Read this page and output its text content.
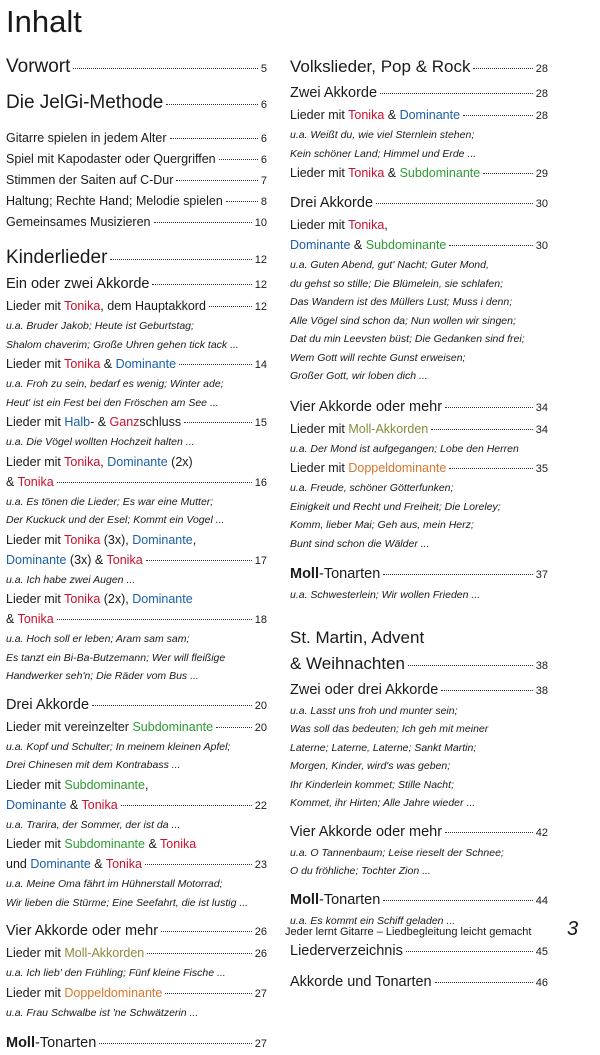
Inhalt
Vorwort	5
Die JelGi-Methode	6
Gitarre spielen in jedem Alter	6
Spiel mit Kapodaster oder Quergriffen	6
Stimmen der Saiten auf C-Dur	7
Haltung; Rechte Hand; Melodie spielen	8
Gemeinsames Musizieren	10
Kinderlieder	12
Ein oder zwei Akkorde	12
Lieder mit Tonika, dem Hauptakkord	12
u.a. Bruder Jakob; Heute ist Geburtstag;
Shalom chaverim; Große Uhren gehen tick tack ...
Lieder mit Tonika & Dominante	14
u.a. Froh zu sein, bedarf es wenig; Winter ade;
Heut' ist ein Fest bei den Fröschen am See ...
Lieder mit Halb- & Ganzschluss	15
u.a. Die Vögel wollten Hochzeit halten ...
Lieder mit Tonika, Dominante (2x)
& Tonika	16
u.a. Es tönen die Lieder; Es war eine Mutter;
Der Kuckuck und der Esel; Kommt ein Vogel ...
Lieder mit Tonika (3x), Dominante,
Dominante (3x) & Tonika	17
u.a. Ich habe zwei Augen ...
Lieder mit Tonika (2x), Dominante
& Tonika	18
u.a. Hoch soll er leben; Aram sam sam;
Es tanzt ein Bi-Ba-Butzemann; Wer will fleißige
Handwerker seh'n; Die Räder vom Bus ...
Drei Akkorde	20
Lieder mit vereinzelter Subdominante	20
u.a. Kopf und Schulter; In meinem kleinen Apfel;
Drei Chinesen mit dem Kontrabass ...
Lieder mit Subdominante,
Dominante & Tonika	22
u.a. Trarira, der Sommer, der ist da ...
Lieder mit Subdominante & Tonika
und Dominante & Tonika	23
u.a. Meine Oma fährt im Hühnerstall Motorrad;
Wir lieben die Stürme; Eine Seefahrt, die ist lustig ...
Vier Akkorde oder mehr	26
Lieder mit Moll-Akkorden	26
u.a. Ich lieb' den Frühling; Fünf kleine Fische ...
Lieder mit Doppeldominante	27
u.a. Frau Schwalbe ist 'ne Schwätzerin ...
Moll-Tonarten	27
Volkslieder, Pop & Rock	28
Zwei Akkorde	28
Lieder mit Tonika & Dominante	28
u.a. Weißt du, wie viel Sternlein stehen;
Kein schöner Land; Himmel und Erde ...
Lieder mit Tonika & Subdominante	29
Drei Akkorde	30
Lieder mit Tonika,
Dominante & Subdominante	30
u.a. Guten Abend, gut' Nacht; Guter Mond,
du gehst so stille; Die Blümelein, sie schlafen;
Das Wandern ist des Müllers Lust; Muss i denn;
Alle Vögel sind schon da; Nun wollen wir singen;
Dat du min Leevsten büst; Die Gedanken sind frei;
Wem Gott will rechte Gunst erweisen;
Großer Gott, wir loben dich ...
Vier Akkorde oder mehr	34
Lieder mit Moll-Akkorden	34
u.a. Der Mond ist aufgegangen; Lobe den Herren
Lieder mit Doppeldominante	35
u.a. Freude, schöner Götterfunken;
Einigkeit und Recht und Freiheit; Die Loreley;
Komm, lieber Mai; Geh aus, mein Herz;
Bunt sind schon die Wälder ...
Moll-Tonarten	37
u.a. Schwesterlein; Wir wollen Frieden ...
St. Martin, Advent
& Weihnachten	38
Zwei oder drei Akkorde	38
u.a. Lasst uns froh und munter sein;
Was soll das bedeuten; Ich geh mit meiner
Laterne; Laterne, Laterne; Sankt Martin;
Morgen, Kinder, wird's was geben;
Ihr Kinderlein kommet; Stille Nacht;
Kommet, ihr Hirten; Alle Jahre wieder ...
Vier Akkorde oder mehr	42
u.a. O Tannenbaum; Leise rieselt der Schnee;
O du fröhliche; Tochter Zion ...
Moll-Tonarten	44
u.a. Es kommt ein Schiff geladen ...
Liederverzeichnis	45
Akkorde und Tonarten	46
Jeder lernt Gitarre – Liedbegleitung leicht gemacht 3
